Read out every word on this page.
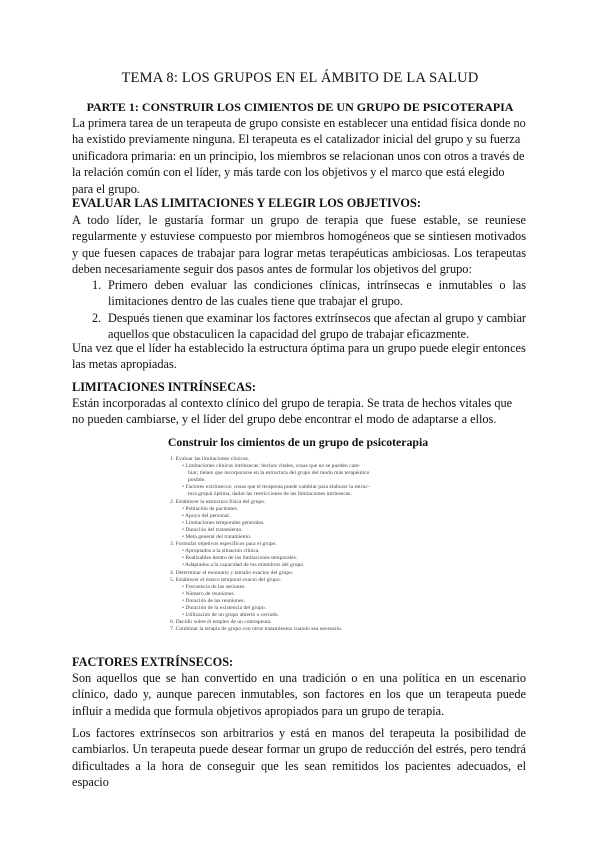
TEMA 8: LOS GRUPOS EN EL ÁMBITO DE LA SALUD
PARTE 1: CONSTRUIR LOS CIMIENTOS DE UN GRUPO DE PSICOTERAPIA

La primera tarea de un terapeuta de grupo consiste en establecer una entidad física donde no ha existido previamente ninguna. El terapeuta es el catalizador inicial del grupo y su fuerza unificadora primaria: en un principio, los miembros se relacionan unos con otros a través de la relación común con el líder, y más tarde con los objetivos y el marco que está elegido para el grupo.

EVALUAR LAS LIMITACIONES Y ELEGIR LOS OBJETIVOS:

A todo líder, le gustaría formar un grupo de terapia que fuese estable, se reuniese regularmente y estuviese compuesto por miembros homogéneos que se sintiesen motivados y que fuesen capaces de trabajar para lograr metas terapéuticas ambiciosas. Los terapeutas deben necesariamente seguir dos pasos antes de formular los objetivos del grupo:

1. Primero deben evaluar las condiciones clínicas, intrínsecas e inmutables o las limitaciones dentro de las cuales tiene que trabajar el grupo.
2. Después tienen que examinar los factores extrínsecos que afectan al grupo y cambiar aquellos que obstaculicen la capacidad del grupo de trabajar eficazmente.

Una vez que el líder ha establecido la estructura óptima para un grupo puede elegir entonces las metas apropiadas.

LIMITACIONES INTRÍNSECAS:

Están incorporadas al contexto clínico del grupo de terapia. Se trata de hechos vitales que no pueden cambiarse, y el líder del grupo debe encontrar el modo de adaptarse a ellos.

Construir los cimientos de un grupo de psicoterapia
1. Evaluar las limitaciones clínicas.
• Limitaciones clínicas intrínsecas: hechos vitales, cosas que no se pueden cam-
biar; tienen que incorporarse en la estructura del grupo del modo más terapéutico
posible.
• Factores extrínsecos: cosas que el terapeuta puede cambiar para elaborar la estruc-
tura grupal óptima, dadas las restricciones de las limitaciones intrínsecas.
2. Establecer la estructura física del grupo.
• Población de pacientes.
• Apoyo del personal.
• Limitaciones temporales generales.
• Duración del tratamiento.
• Meta general del tratamiento.
3. Formular objetivos específicos para el grupo.
• Apropiados a la situación clínica.
• Realizables dentro de las limitaciones temporales.
• Adaptados a la capacidad de los miembros del grupo.
4. Determinar el escenario y tamaño exactos del grupo.
5. Establecer el marco temporal exacto del grupo.
• Frecuencia de las sesiones.
• Número de reuniones.
• Duración de las reuniones.
• Duración de la existencia del grupo.
• Utilización de un grupo abierto o cerrado.
6. Decidir sobre el empleo de un coterapeuta.
7. Combinar la terapia de grupo con otros tratamientos cuando sea necesario.
FACTORES EXTRÍNSECOS:

Son aquellos que se han convertido en una tradición o en una política en un escenario clínico, dado y, aunque parecen inmutables, son factores en los que un terapeuta puede influir a medida que formula objetivos apropiados para un grupo de terapia.

Los factores extrínsecos son arbitrarios y está en manos del terapeuta la posibilidad de cambiarlos. Un terapeuta puede desear formar un grupo de reducción del estrés, pero tendrá dificultades a la hora de conseguir que les sean remitidos los pacientes adecuados, el espacio
